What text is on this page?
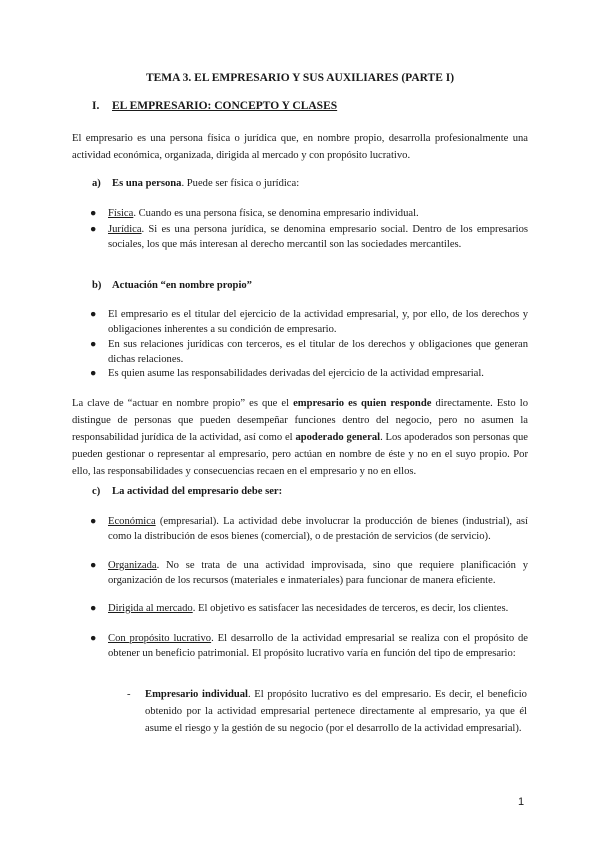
TEMA 3. EL EMPRESARIO Y SUS AUXILIARES (PARTE I)
I. EL EMPRESARIO: CONCEPTO Y CLASES
El empresario es una persona física o jurídica que, en nombre propio, desarrolla profesionalmente una actividad económica, organizada, dirigida al mercado y con propósito lucrativo.
a) Es una persona. Puede ser física o jurídica:
●	Física. Cuando es una persona física, se denomina empresario individual.
●	Jurídica. Si es una persona jurídica, se denomina empresario social. Dentro de los empresarios sociales, los que más interesan al derecho mercantil son las sociedades mercantiles.
b) Actuación “en nombre propio”
●	El empresario es el titular del ejercicio de la actividad empresarial, y, por ello, de los derechos y obligaciones inherentes a su condición de empresario.
●	En sus relaciones jurídicas con terceros, es el titular de los derechos y obligaciones que generan dichas relaciones.
●	Es quien asume las responsabilidades derivadas del ejercicio de la actividad empresarial.
La clave de “actuar en nombre propio” es que el empresario es quien responde directamente. Esto lo distingue de personas que pueden desempeñar funciones dentro del negocio, pero no asumen la responsabilidad jurídica de la actividad, así como el apoderado general. Los apoderados son personas que pueden gestionar o representar al empresario, pero actúan en nombre de éste y no en el suyo propio. Por ello, las responsabilidades y consecuencias recaen en el empresario y no en ellos.
c) La actividad del empresario debe ser:
●	Económica (empresarial). La actividad debe involucrar la producción de bienes (industrial), así como la distribución de esos bienes (comercial), o de prestación de servicios (de servicio).
●	Organizada. No se trata de una actividad improvisada, sino que requiere planificación y organización de los recursos (materiales e inmateriales) para funcionar de manera eficiente.
●	Dirigida al mercado. El objetivo es satisfacer las necesidades de terceros, es decir, los clientes.
●	Con propósito lucrativo. El desarrollo de la actividad empresarial se realiza con el propósito de obtener un beneficio patrimonial. El propósito lucrativo varía en función del tipo de empresario:
- Empresario individual. El propósito lucrativo es del empresario. Es decir, el beneficio obtenido por la actividad empresarial pertenece directamente al empresario, ya que él asume el riesgo y la gestión de su negocio (por el desarrollo de la actividad empresarial).
1
